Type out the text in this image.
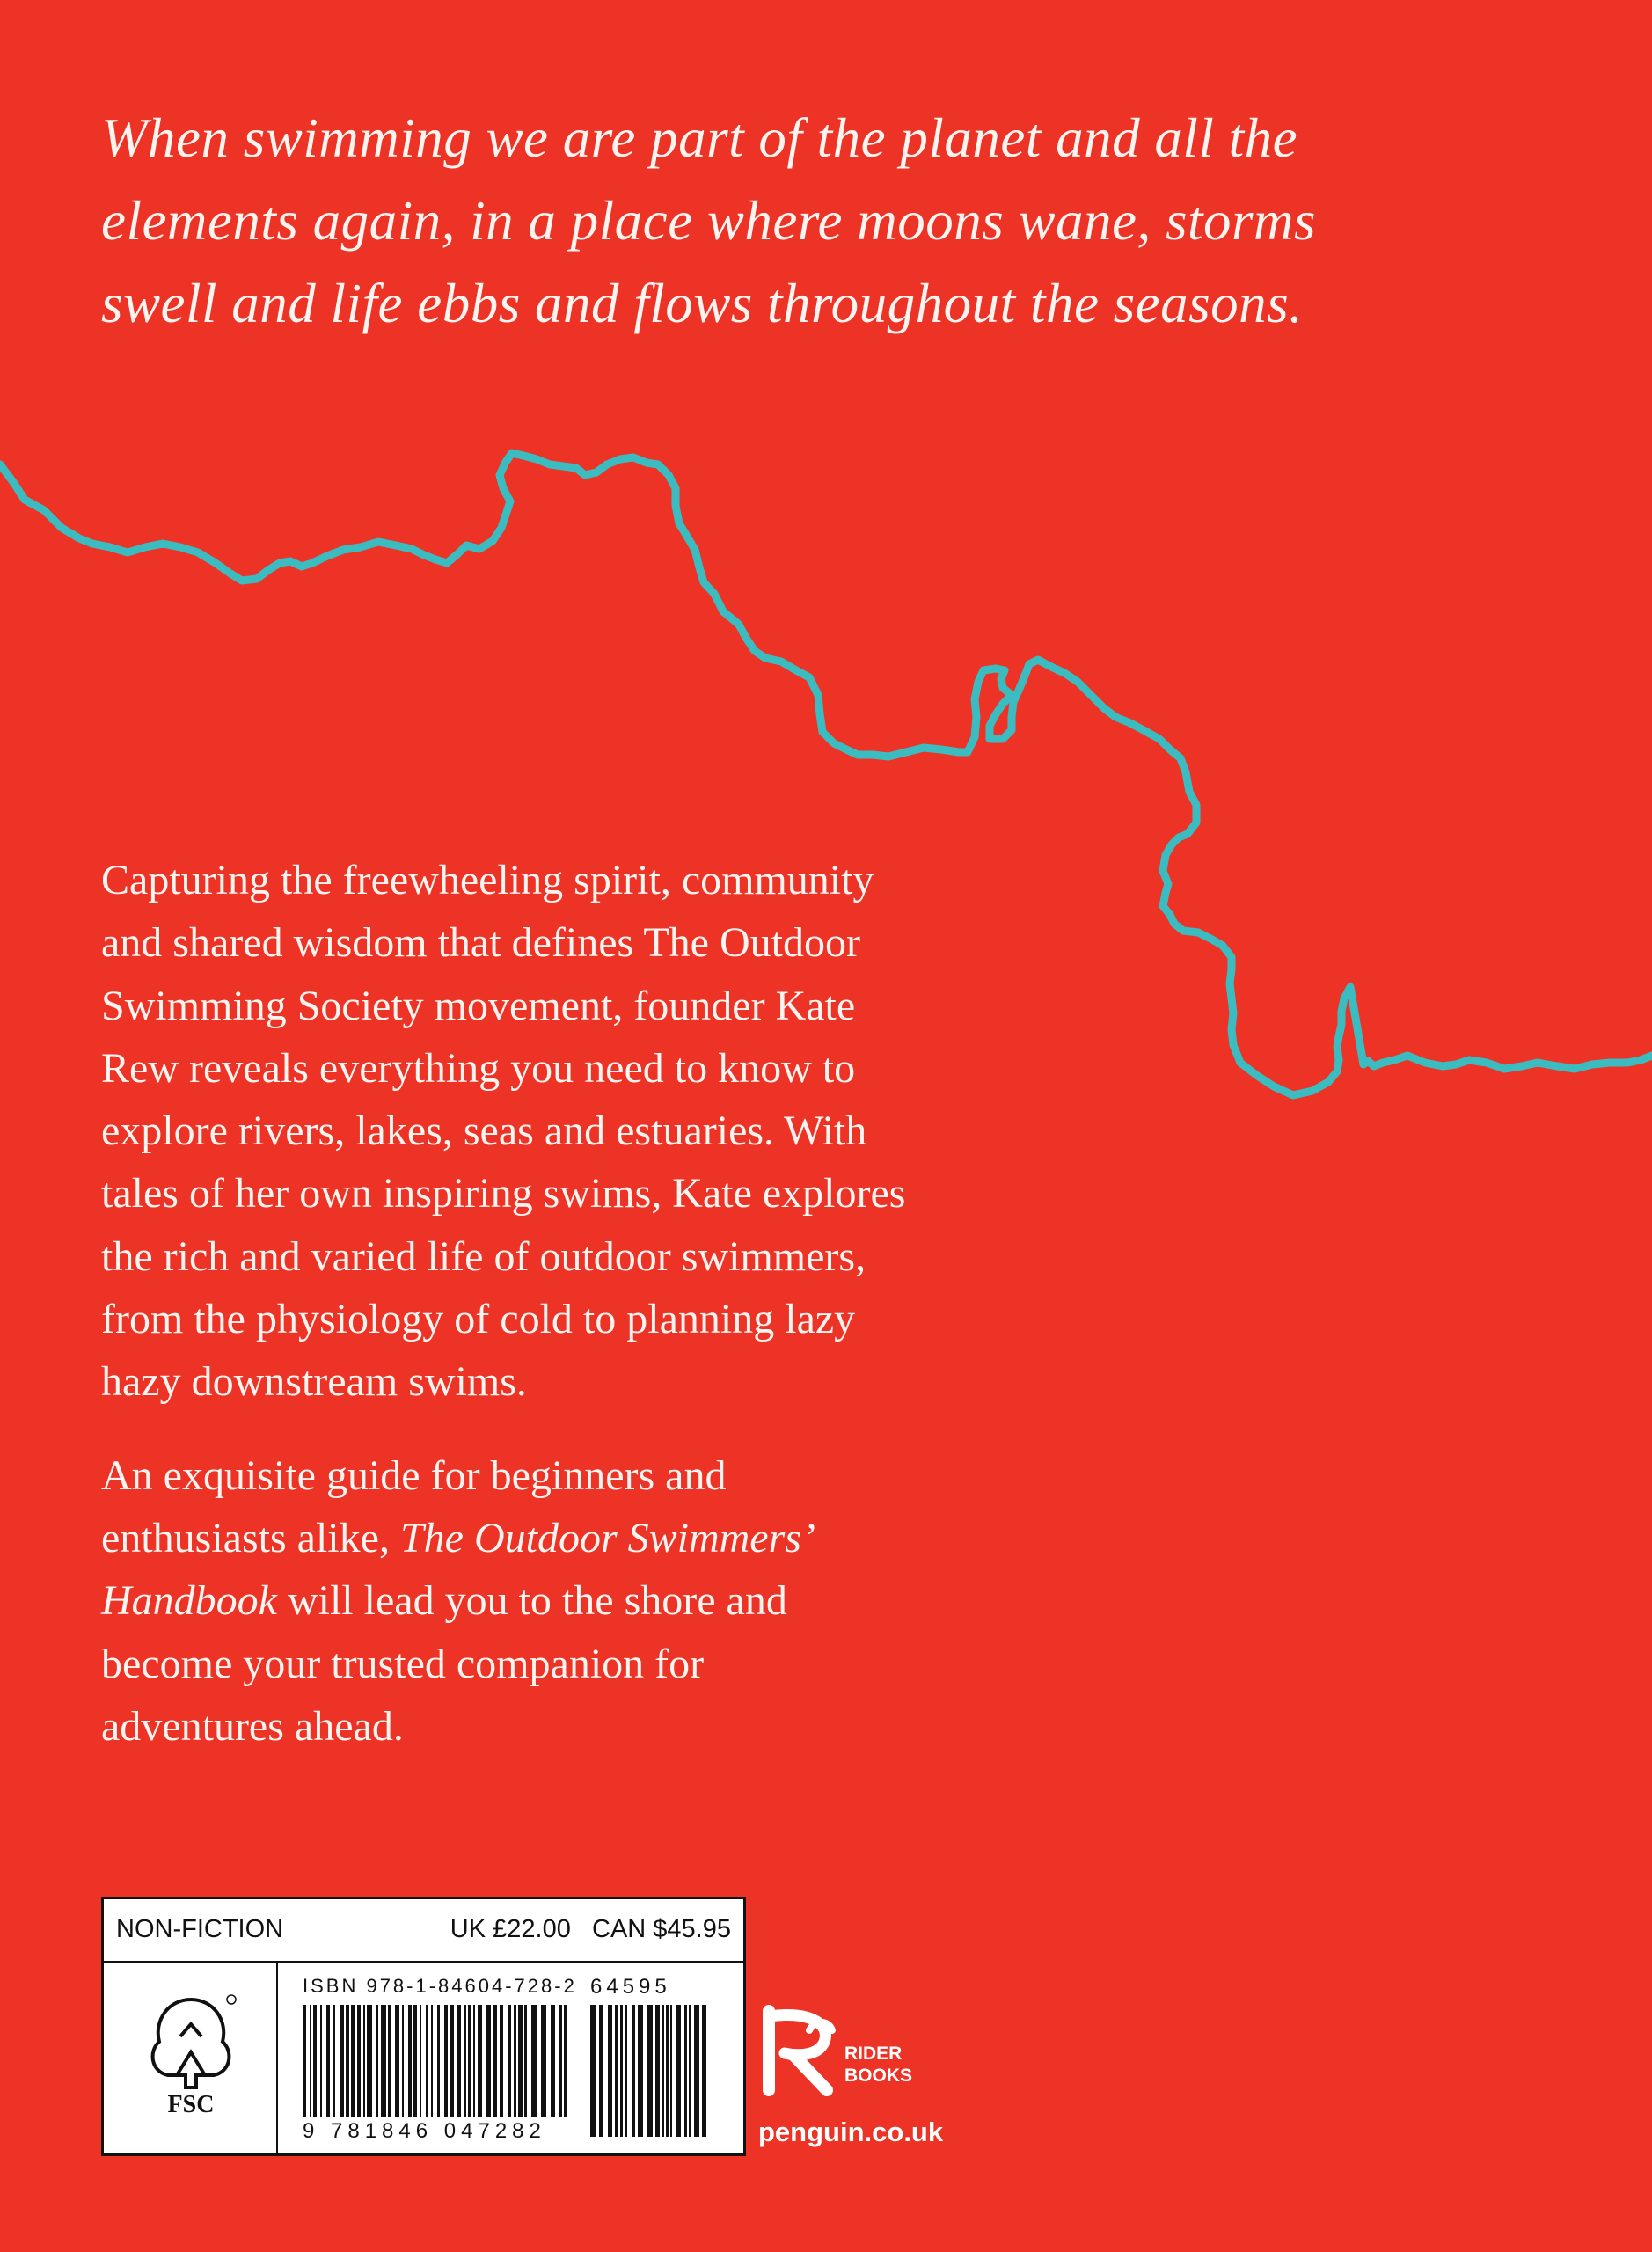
When swimming we are part of the planet and all the
elements again, in a place where moons wane, storms
swell and life ebbs and flows throughout the seasons.

Capturing the freewheeling spirit, community
and shared wisdom that defines The Outdoor
Swimming Society movement, founder Kate
Rew reveals everything you need to know to
explore rivers, lakes, seas and estuaries. With
tales of her own inspiring swims, Kate explores
the rich and varied life of outdoor swimmers,
from the physiology of cold to planning lazy
hazy downstream swims.

An exquisite guide for beginners and
enthusiasts alike, The Outdoor Swimmers’
Handbook will lead you to the shore and
become your trusted companion for
adventures ahead.

NON-FICTION	UK £22.00   CAN $45.95
FSC
ISBN 978-1-84604-728-2
9 781846 047282
64595
RIDER
BOOKS
penguin.co.uk
